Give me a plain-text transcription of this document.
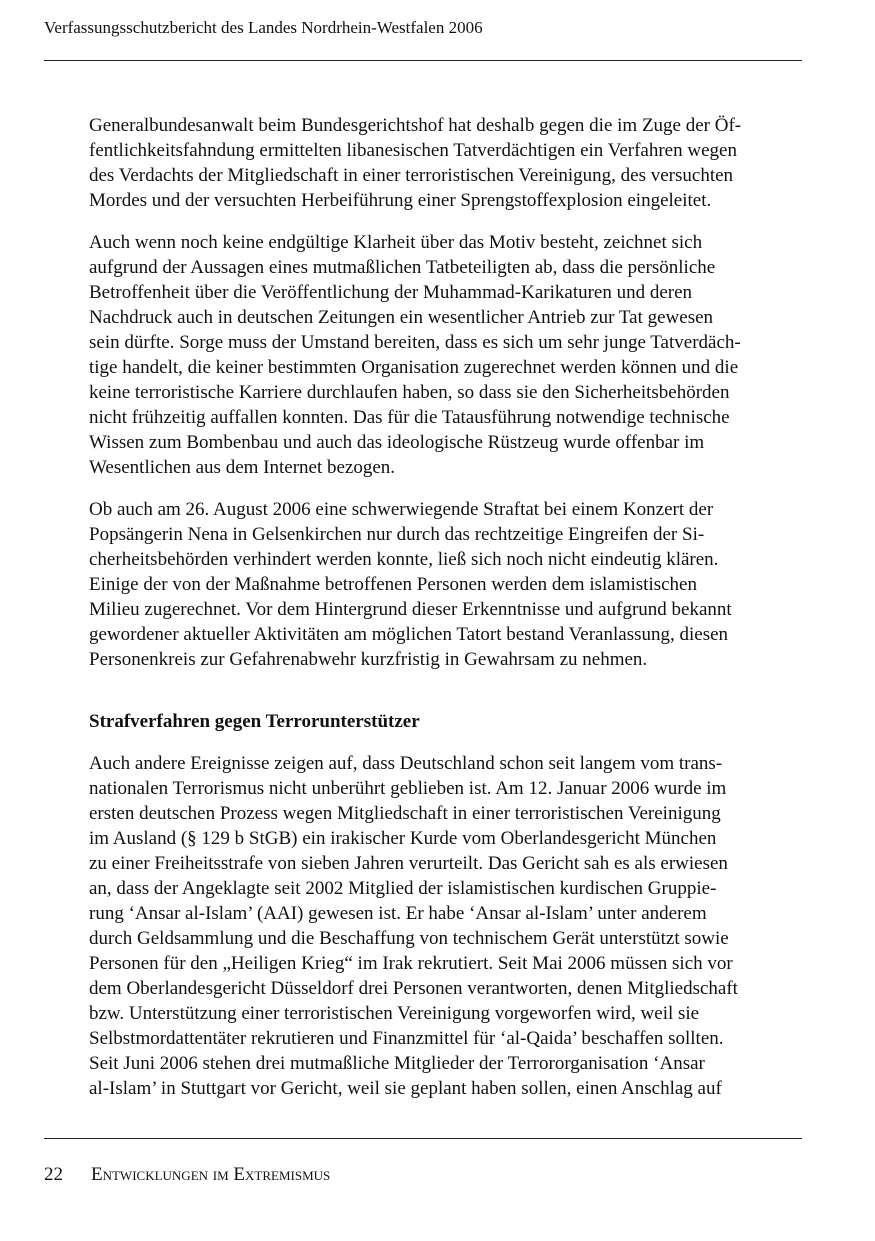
Verfassungsschutzbericht des Landes Nordrhein-Westfalen 2006
Generalbundesanwalt beim Bundesgerichtshof hat deshalb gegen die im Zuge der Öf-
fentlichkeitsfahndung ermittelten libanesischen Tatverdächtigen ein Verfahren wegen
des Verdachts der Mitgliedschaft in einer terroristischen Vereinigung, des versuchten
Mordes und der versuchten Herbeiführung einer Sprengstoffexplosion eingeleitet.
Auch wenn noch keine endgültige Klarheit über das Motiv besteht, zeichnet sich
aufgrund der Aussagen eines mutmaßlichen Tatbeteiligten ab, dass die persönliche
Betroffenheit über die Veröffentlichung der Muhammad-Karikaturen und deren
Nachdruck auch in deutschen Zeitungen ein wesentlicher Antrieb zur Tat gewesen
sein dürfte. Sorge muss der Umstand bereiten, dass es sich um sehr junge Tatverdäch-
tige handelt, die keiner bestimmten Organisation zugerechnet werden können und die
keine terroristische Karriere durchlaufen haben, so dass sie den Sicherheitsbehörden
nicht frühzeitig auffallen konnten. Das für die Tatausführung notwendige technische
Wissen zum Bombenbau und auch das ideologische Rüstzeug wurde offenbar im
Wesentlichen aus dem Internet bezogen.
Ob auch am 26. August 2006 eine schwerwiegende Straftat bei einem Konzert der
Popsängerin Nena in Gelsenkirchen nur durch das rechtzeitige Eingreifen der Si-
cherheitsbehörden verhindert werden konnte, ließ sich noch nicht eindeutig klären.
Einige der von der Maßnahme betroffenen Personen werden dem islamistischen
Milieu zugerechnet. Vor dem Hintergrund dieser Erkenntnisse und aufgrund bekannt
gewordener aktueller Aktivitäten am möglichen Tatort bestand Veranlassung, diesen
Personenkreis zur Gefahrenabwehr kurzfristig in Gewahrsam zu nehmen.
Strafverfahren gegen Terrorunterstützer
Auch andere Ereignisse zeigen auf, dass Deutschland schon seit langem vom trans-
nationalen Terrorismus nicht unberührt geblieben ist. Am 12. Januar 2006 wurde im
ersten deutschen Prozess wegen Mitgliedschaft in einer terroristischen Vereinigung
im Ausland (§ 129 b StGB) ein irakischer Kurde vom Oberlandesgericht München
zu einer Freiheitsstrafe von sieben Jahren verurteilt. Das Gericht sah es als erwiesen
an, dass der Angeklagte seit 2002 Mitglied der islamistischen kurdischen Gruppie-
rung ‘Ansar al-Islam’ (AAI) gewesen ist. Er habe ‘Ansar al-Islam’ unter anderem
durch Geldsammlung und die Beschaffung von technischem Gerät unterstützt sowie
Personen für den „Heiligen Krieg“ im Irak rekrutiert. Seit Mai 2006 müssen sich vor
dem Oberlandesgericht Düsseldorf drei Personen verantworten, denen Mitgliedschaft
bzw. Unterstützung einer terroristischen Vereinigung vorgeworfen wird, weil sie
Selbstmordattentäter rekrutieren und Finanzmittel für ‘al-Qaida’ beschaffen sollten.
Seit Juni 2006 stehen drei mutmaßliche Mitglieder der Terrororganisation ‘Ansar
al-Islam’ in Stuttgart vor Gericht, weil sie geplant haben sollen, einen Anschlag auf
22 Entwicklungen im Extremismus
